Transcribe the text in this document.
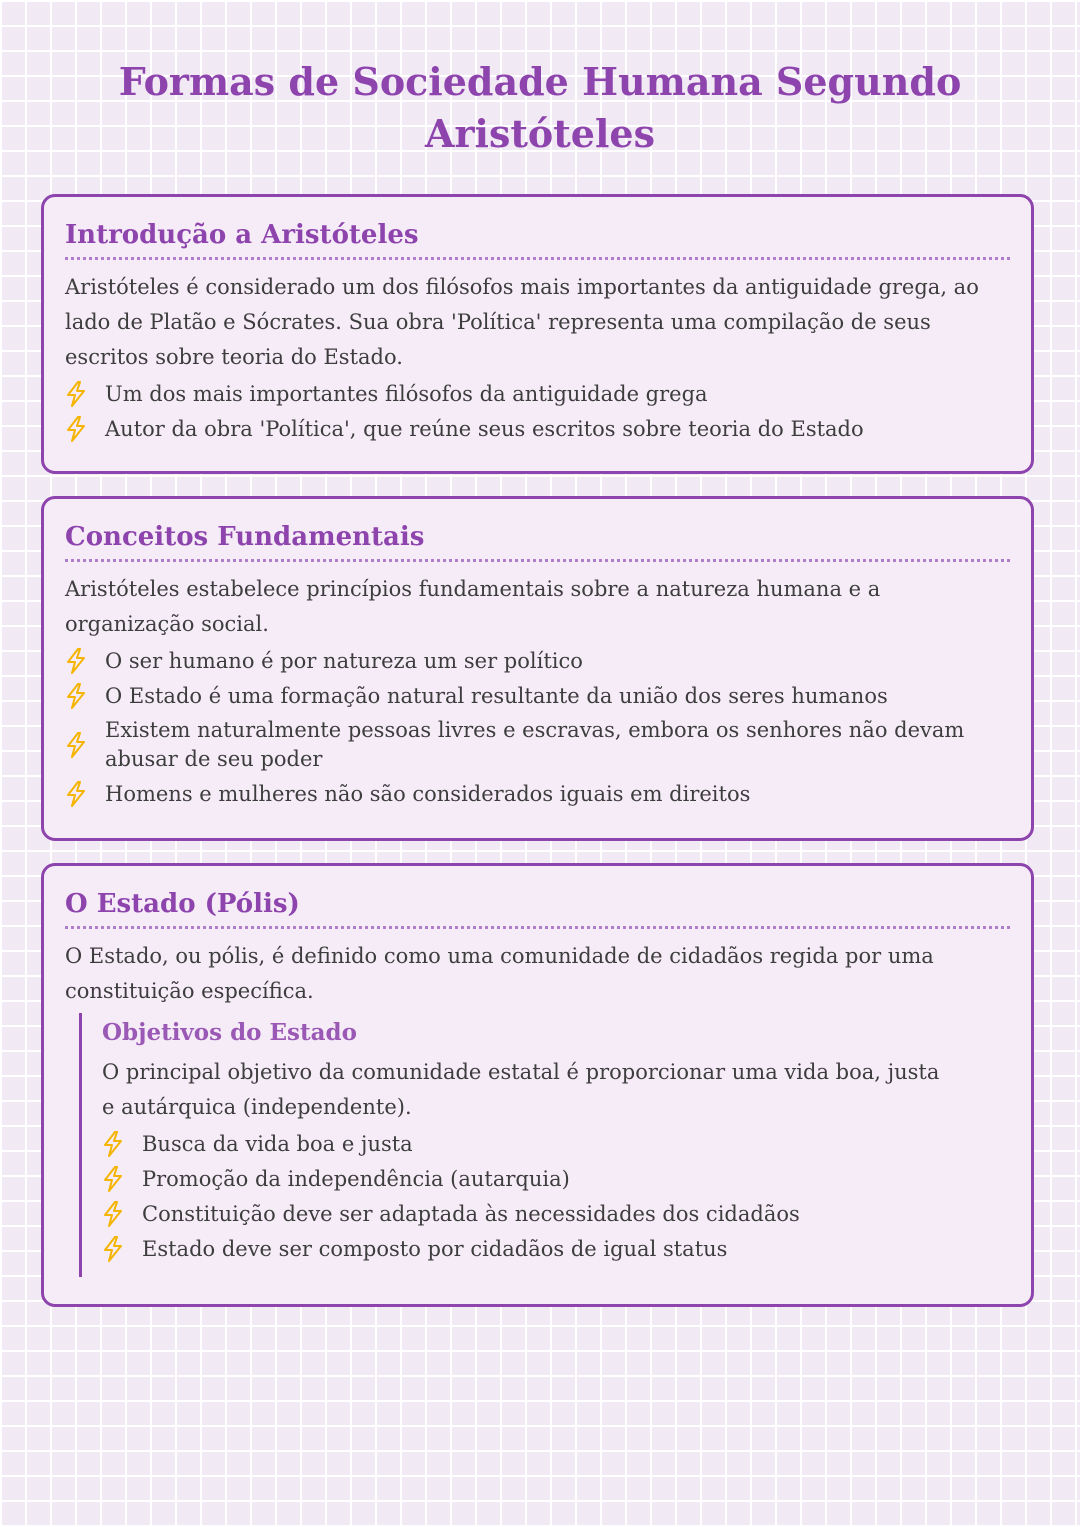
Formas de Sociedade Humana Segundo
Aristóteles
Introdução a Aristóteles

Aristóteles é considerado um dos filósofos mais importantes da antiguidade grega, ao lado de Platão e Sócrates. Sua obra 'Política' representa uma compilação de seus escritos sobre teoria do Estado.

Um dos mais importantes filósofos da antiguidade grega
Autor da obra 'Política', que reúne seus escritos sobre teoria do Estado
Conceitos Fundamentais

Aristóteles estabelece princípios fundamentais sobre a natureza humana e a organização social.

O ser humano é por natureza um ser político
O Estado é uma formação natural resultante da união dos seres humanos
Existem naturalmente pessoas livres e escravas, embora os senhores não devam abusar de seu poder
Homens e mulheres não são considerados iguais em direitos
O Estado (Pólis)

O Estado, ou pólis, é definido como uma comunidade de cidadãos regida por uma constituição específica.

Objetivos do Estado

O principal objetivo da comunidade estatal é proporcionar uma vida boa, justa e autárquica (independente).

Busca da vida boa e justa
Promoção da independência (autarquia)
Constituição deve ser adaptada às necessidades dos cidadãos
Estado deve ser composto por cidadãos de igual status
